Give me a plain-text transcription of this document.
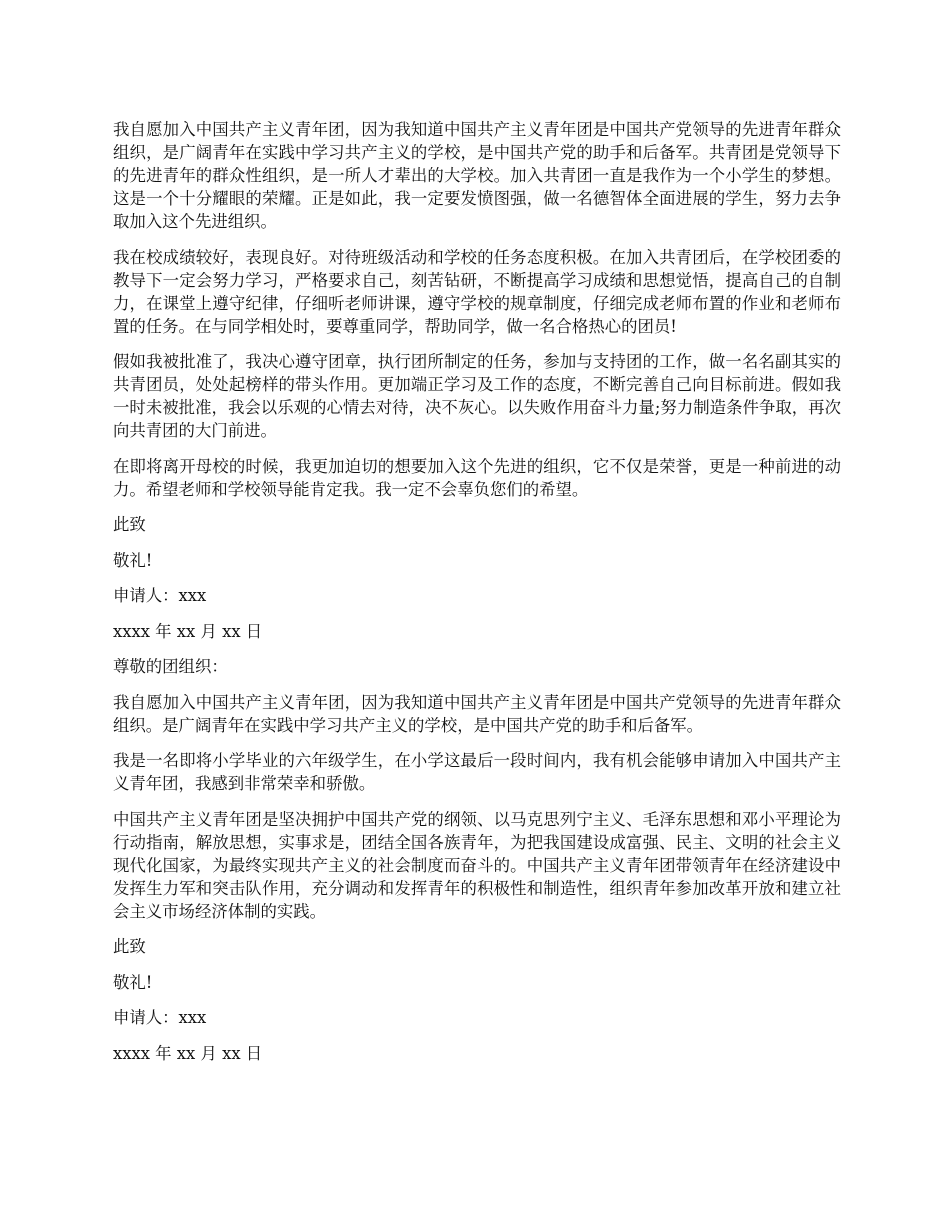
我自愿加入中国共产主义青年团，因为我知道中国共产主义青年团是中国共产党领导的先进青年群众组织，是广阔青年在实践中学习共产主义的学校，是中国共产党的助手和后备军。共青团是党领导下的先进青年的群众性组织，是一所人才辈出的大学校。加入共青团一直是我作为一个小学生的梦想。这是一个十分耀眼的荣耀。正是如此，我一定要发愤图强，做一名德智体全面进展的学生，努力去争取加入这个先进组织。

我在校成绩较好，表现良好。对待班级活动和学校的任务态度积极。在加入共青团后，在学校团委的教导下一定会努力学习，严格要求自己，刻苦钻研，不断提高学习成绩和思想觉悟，提高自己的自制力，在课堂上遵守纪律，仔细听老师讲课，遵守学校的规章制度，仔细完成老师布置的作业和老师布置的任务。在与同学相处时，要尊重同学，帮助同学，做一名合格热心的团员!

假如我被批准了，我决心遵守团章，执行团所制定的任务，参加与支持团的工作，做一名名副其实的共青团员，处处起榜样的带头作用。更加端正学习及工作的态度，不断完善自己向目标前进。假如我一时未被批准，我会以乐观的心情去对待，决不灰心。以失败作用奋斗力量;努力制造条件争取，再次向共青团的大门前进。

在即将离开母校的时候，我更加迫切的想要加入这个先进的组织，它不仅是荣誉，更是一种前进的动力。希望老师和学校领导能肯定我。我一定不会辜负您们的希望。

此致

敬礼!

申请人：xxx

xxxx 年 xx 月 xx 日

尊敬的团组织：

我自愿加入中国共产主义青年团，因为我知道中国共产主义青年团是中国共产党领导的先进青年群众组织。是广阔青年在实践中学习共产主义的学校，是中国共产党的助手和后备军。

我是一名即将小学毕业的六年级学生，在小学这最后一段时间内，我有机会能够申请加入中国共产主义青年团，我感到非常荣幸和骄傲。

中国共产主义青年团是坚决拥护中国共产党的纲领、以马克思列宁主义、毛泽东思想和邓小平理论为行动指南，解放思想，实事求是，团结全国各族青年，为把我国建设成富强、民主、文明的社会主义现代化国家，为最终实现共产主义的社会制度而奋斗的。中国共产主义青年团带领青年在经济建设中发挥生力军和突击队作用，充分调动和发挥青年的积极性和制造性，组织青年参加改革开放和建立社会主义市场经济体制的实践。

此致

敬礼!

申请人：xxx

xxxx 年 xx 月 xx 日
